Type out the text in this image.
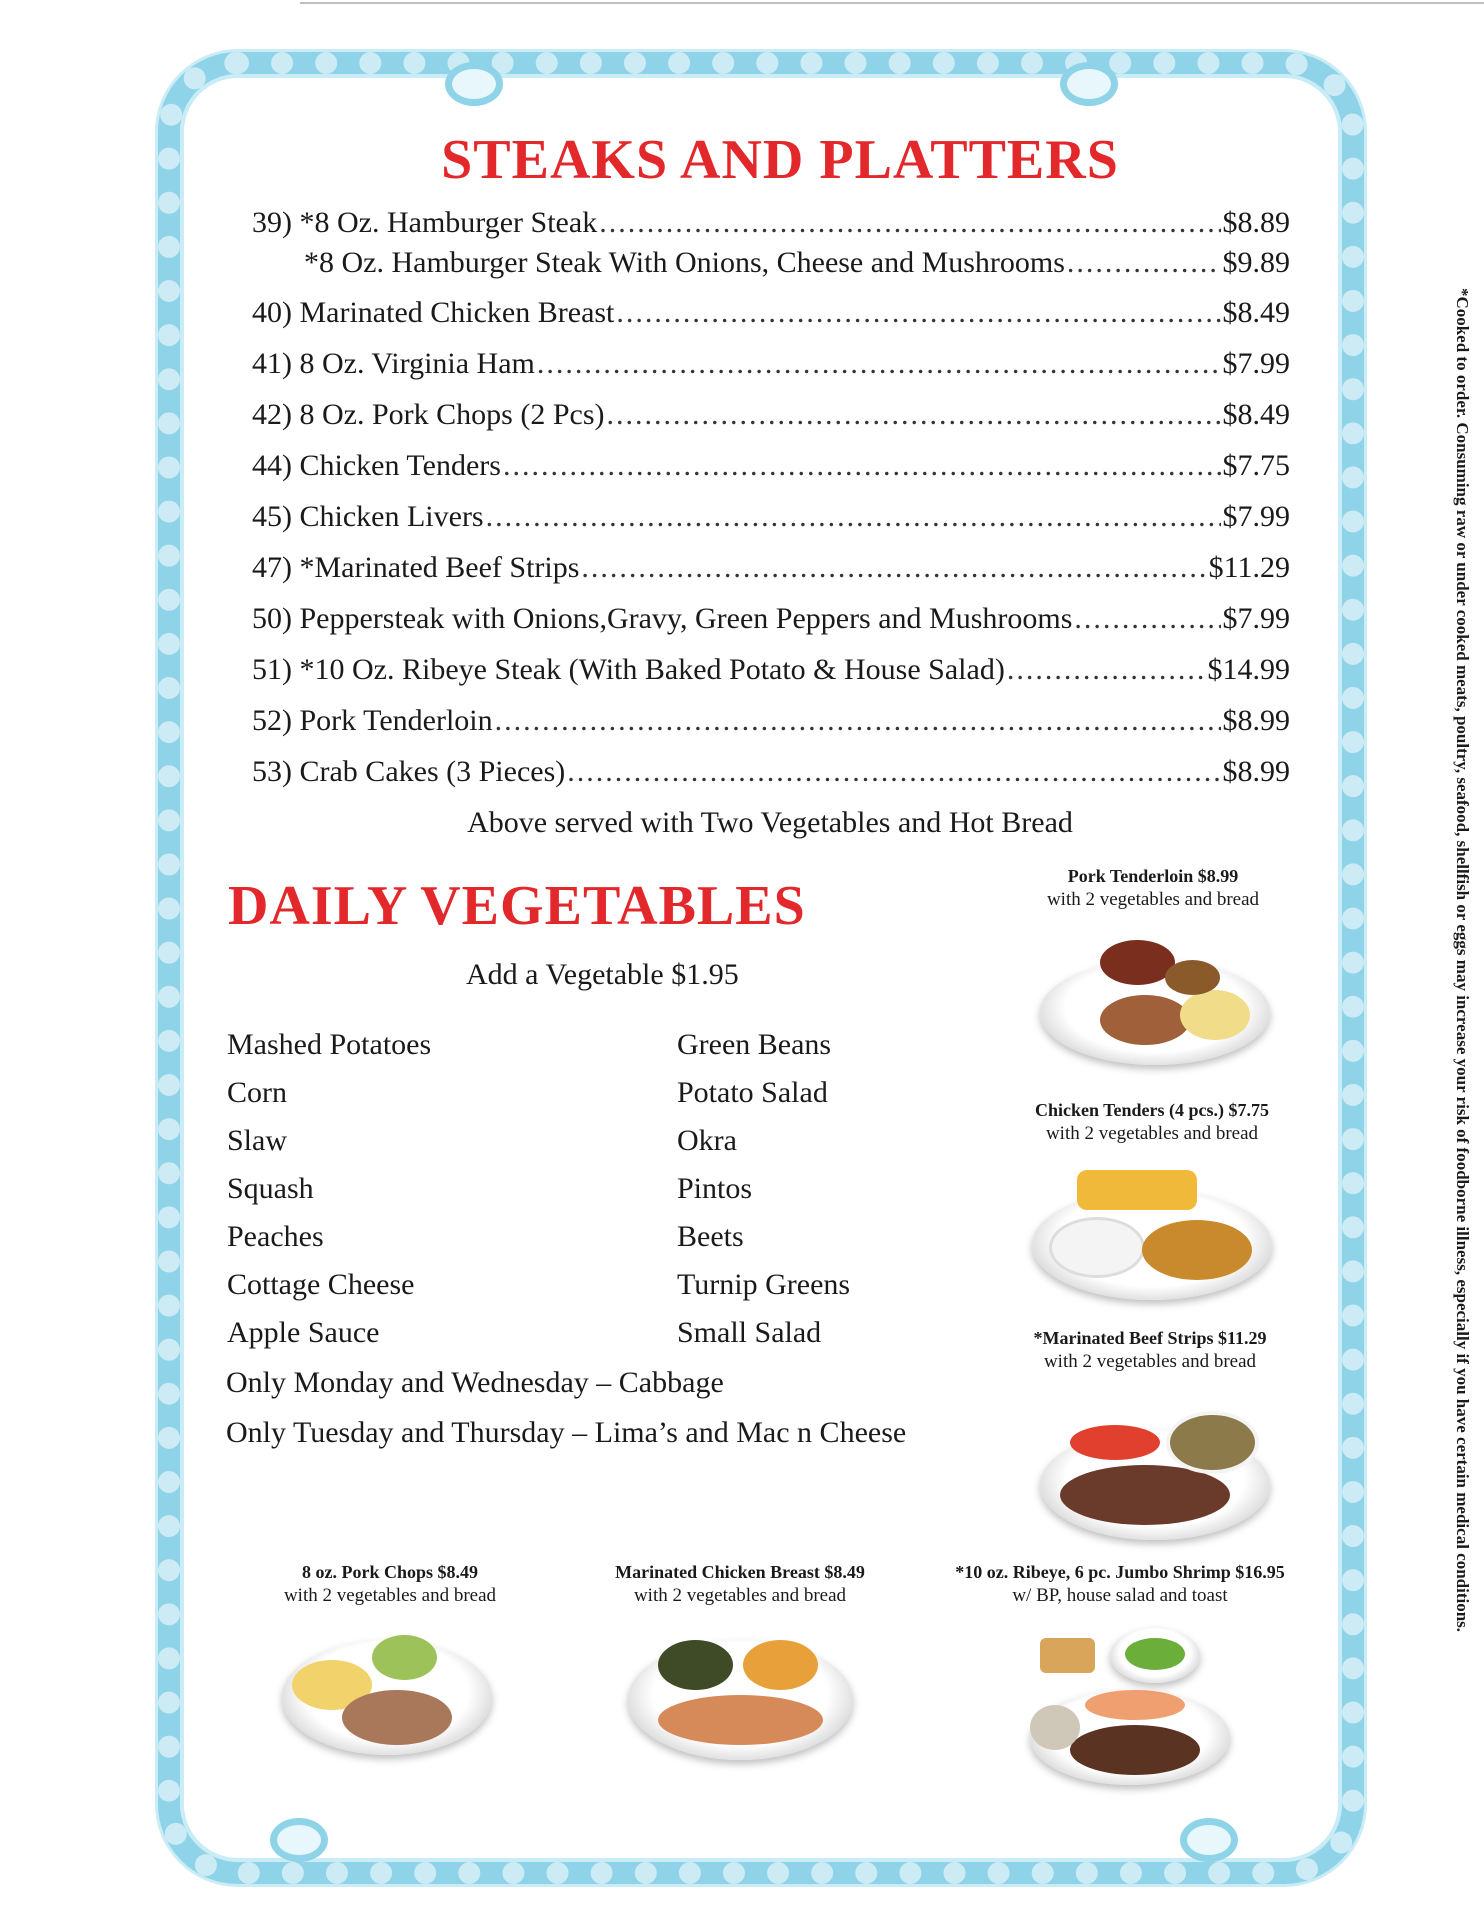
STEAKS AND PLATTERS
39) *8 Oz. Hamburger Steak .....	$8.89
*8 Oz. Hamburger Steak With Onions, Cheese and Mushrooms .....	$9.89
40) Marinated Chicken Breast .....	$8.49
41) 8 Oz. Virginia Ham .....	$7.99
42) 8 Oz. Pork Chops (2 Pcs) .....	$8.49
44) Chicken Tenders .....	$7.75
45) Chicken Livers .....	$7.99
47) *Marinated Beef Strips .....	$11.29
50) Peppersteak with Onions,Gravy, Green Peppers and Mushrooms .....	$7.99
51) *10 Oz. Ribeye Steak (With Baked Potato & House Salad) .....	$14.99
52) Pork Tenderloin .....	$8.99
53) Crab Cakes (3 Pieces) .....	$8.99
Above served with Two Vegetables and Hot Bread
DAILY VEGETABLES
Add a Vegetable $1.95
Mashed Potatoes
Corn
Slaw
Squash
Peaches
Cottage Cheese
Apple Sauce
Green Beans
Potato Salad
Okra
Pintos
Beets
Turnip Greens
Small Salad
Only Monday and Wednesday – Cabbage
Only Tuesday and Thursday – Lima’s and Mac n Cheese
Pork Tenderloin $8.99
with 2 vegetables and bread
Chicken Tenders (4 pcs.) $7.75
with 2 vegetables and bread
*Marinated Beef Strips $11.29
with 2 vegetables and bread
8 oz. Pork Chops $8.49
with 2 vegetables and bread
Marinated Chicken Breast $8.49
with 2 vegetables and bread
*10 oz. Ribeye, 6 pc. Jumbo Shrimp $16.95
w/ BP, house salad and toast	*Cooked to order. Consuming raw or under cooked meats, poultry, seafood, shellfish or eggs may increase your risk of foodborne illness, especially if you have certain medical conditions.
